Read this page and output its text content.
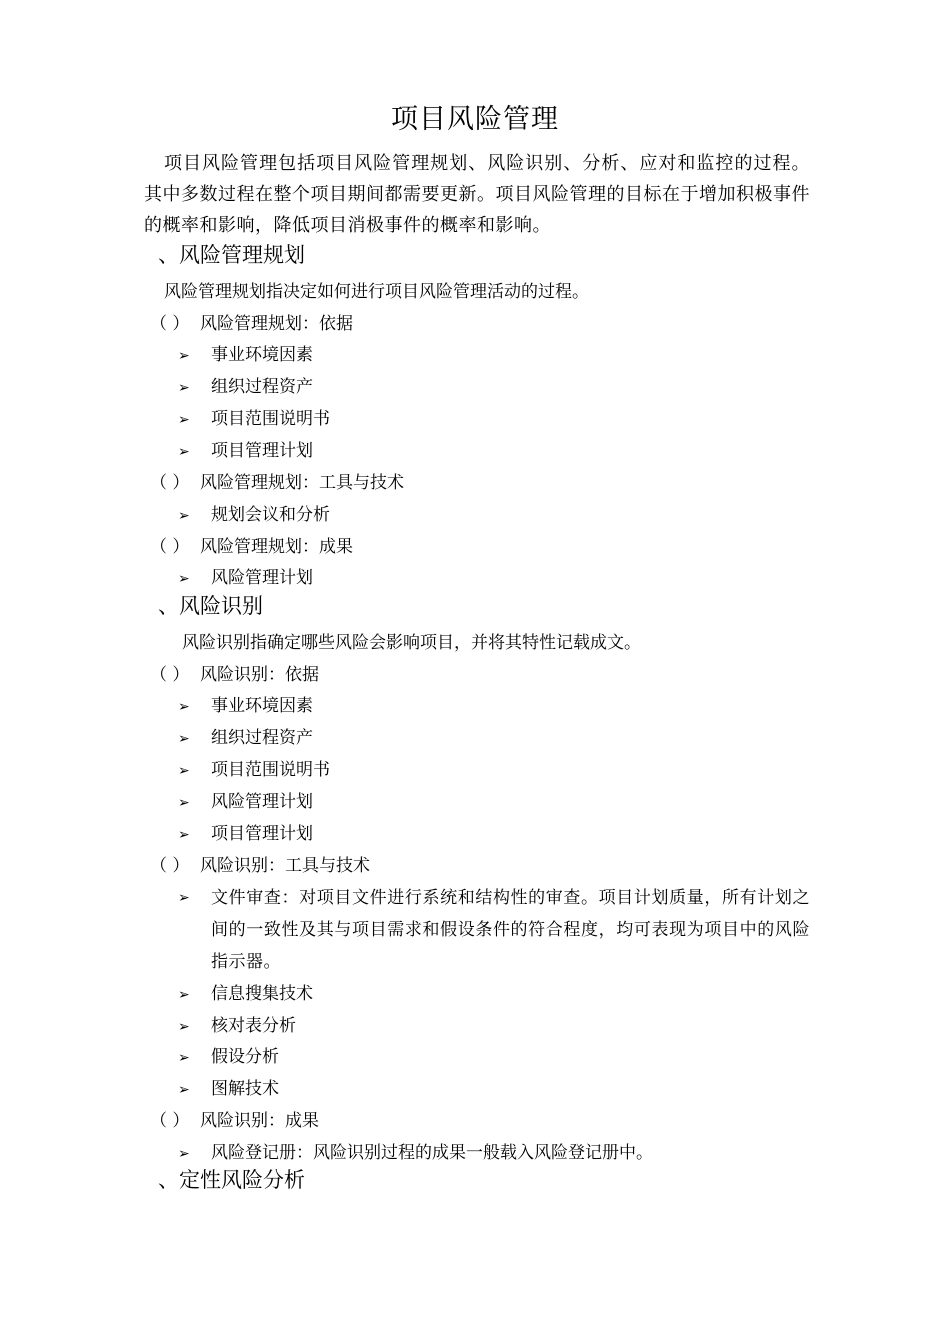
项目风险管理
项目风险管理包括项目风险管理规划、风险识别、分析、应对和监控的过程。其中多数过程在整个项目期间都需要更新。项目风险管理的目标在于增加积极事件的概率和影响，降低项目消极事件的概率和影响。
、风险管理规划
风险管理规划指决定如何进行项目风险管理活动的过程。
（ ） 风险管理规划：依据
➢ 事业环境因素
➢ 组织过程资产
➢ 项目范围说明书
➢ 项目管理计划
（ ） 风险管理规划：工具与技术
➢ 规划会议和分析
（ ） 风险管理规划：成果
➢ 风险管理计划
、风险识别
风险识别指确定哪些风险会影响项目，并将其特性记载成文。
（ ） 风险识别：依据
➢ 事业环境因素
➢ 组织过程资产
➢ 项目范围说明书
➢ 风险管理计划
➢ 项目管理计划
（ ） 风险识别：工具与技术
➢ 文件审查：对项目文件进行系统和结构性的审查。项目计划质量，所有计划之间的一致性及其与项目需求和假设条件的符合程度，均可表现为项目中的风险指示器。
➢ 信息搜集技术
➢ 核对表分析
➢ 假设分析
➢ 图解技术
（ ） 风险识别：成果
➢ 风险登记册：风险识别过程的成果一般载入风险登记册中。
、定性风险分析
